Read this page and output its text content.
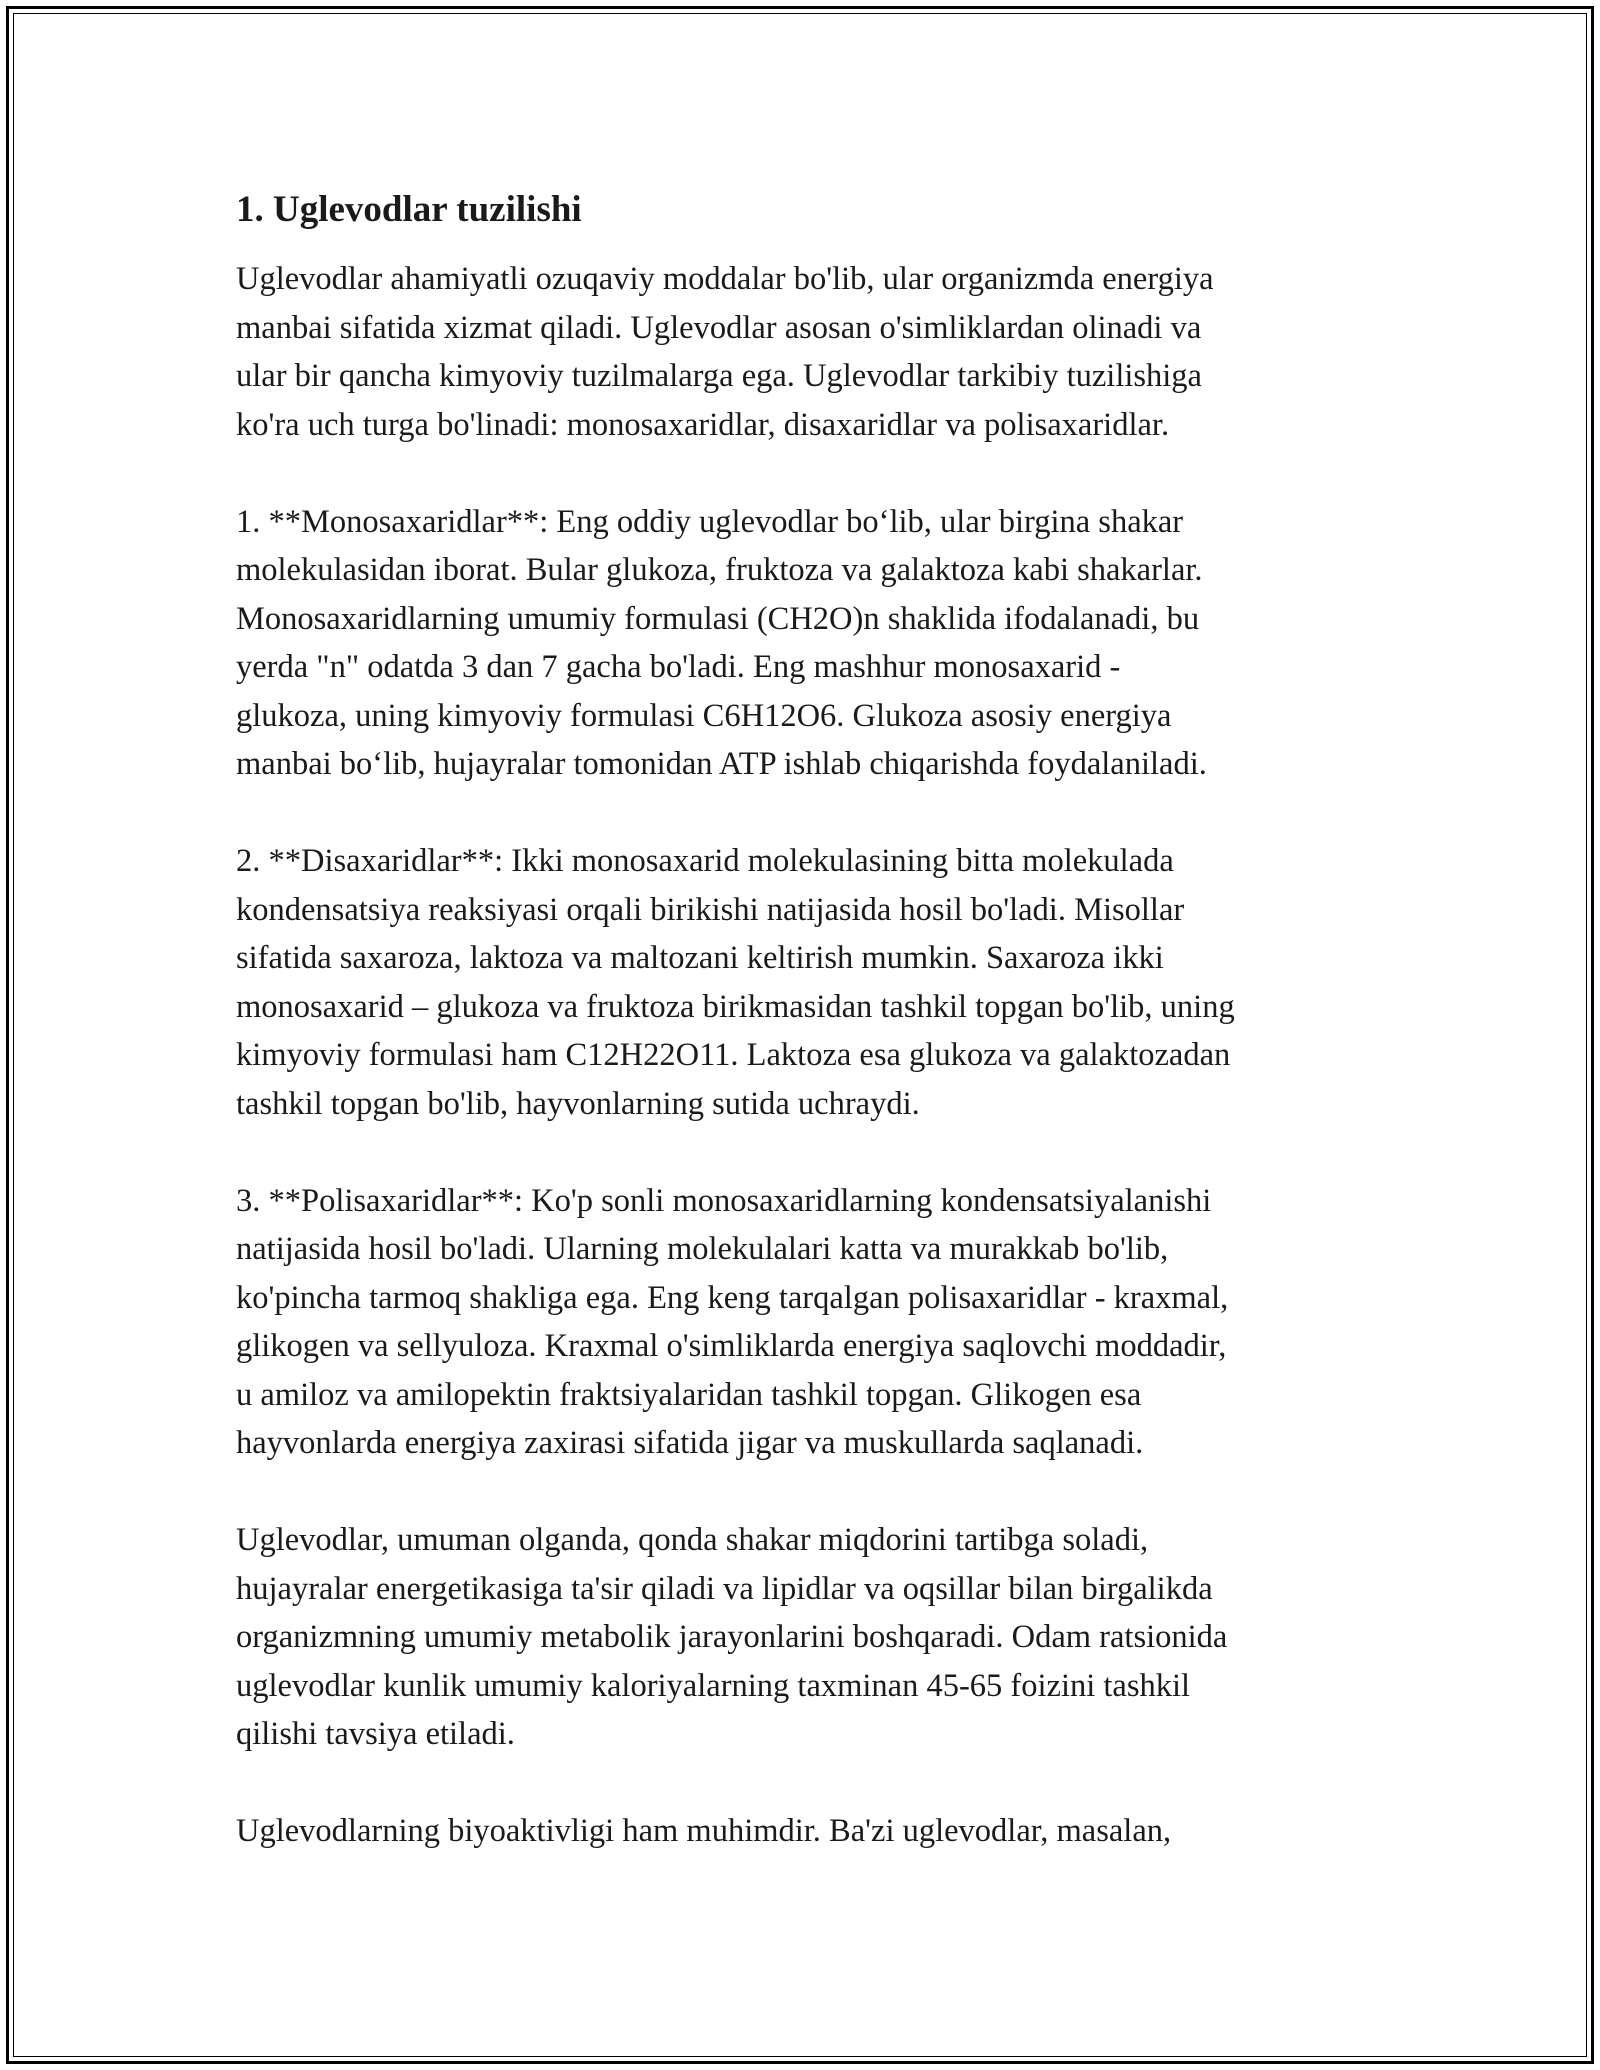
1. Uglevodlar tuzilishi

Uglevodlar ahamiyatli ozuqaviy moddalar bo'lib, ular organizmda energiya
manbai sifatida xizmat qiladi. Uglevodlar asosan o'simliklardan olinadi va
ular bir qancha kimyoviy tuzilmalarga ega. Uglevodlar tarkibiy tuzilishiga
ko'ra uch turga bo'linadi: monosaxaridlar, disaxaridlar va polisaxaridlar.

1. **Monosaxaridlar**: Eng oddiy uglevodlar bo‘lib, ular birgina shakar
molekulasidan iborat. Bular glukoza, fruktoza va galaktoza kabi shakarlar.
Monosaxaridlarning umumiy formulasi (CH2O)n shaklida ifodalanadi, bu
yerda "n" odatda 3 dan 7 gacha bo'ladi. Eng mashhur monosaxarid -
glukoza, uning kimyoviy formulasi C6H12O6. Glukoza asosiy energiya
manbai bo‘lib, hujayralar tomonidan ATP ishlab chiqarishda foydalaniladi.

2. **Disaxaridlar**: Ikki monosaxarid molekulasining bitta molekulada
kondensatsiya reaksiyasi orqali birikishi natijasida hosil bo'ladi. Misollar
sifatida saxaroza, laktoza va maltozani keltirish mumkin. Saxaroza ikki
monosaxarid – glukoza va fruktoza birikmasidan tashkil topgan bo'lib, uning
kimyoviy formulasi ham C12H22O11. Laktoza esa glukoza va galaktozadan
tashkil topgan bo'lib, hayvonlarning sutida uchraydi.

3. **Polisaxaridlar**: Ko'p sonli monosaxaridlarning kondensatsiyalanishi
natijasida hosil bo'ladi. Ularning molekulalari katta va murakkab bo'lib,
ko'pincha tarmoq shakliga ega. Eng keng tarqalgan polisaxaridlar - kraxmal,
glikogen va sellyuloza. Kraxmal o'simliklarda energiya saqlovchi moddadir,
u amiloz va amilopektin fraktsiyalaridan tashkil topgan. Glikogen esa
hayvonlarda energiya zaxirasi sifatida jigar va muskullarda saqlanadi.

Uglevodlar, umuman olganda, qonda shakar miqdorini tartibga soladi,
hujayralar energetikasiga ta'sir qiladi va lipidlar va oqsillar bilan birgalikda
organizmning umumiy metabolik jarayonlarini boshqaradi. Odam ratsionida
uglevodlar kunlik umumiy kaloriyalarning taxminan 45-65 foizini tashkil
qilishi tavsiya etiladi.

Uglevodlarning biyoaktivligi ham muhimdir. Ba'zi uglevodlar, masalan,
